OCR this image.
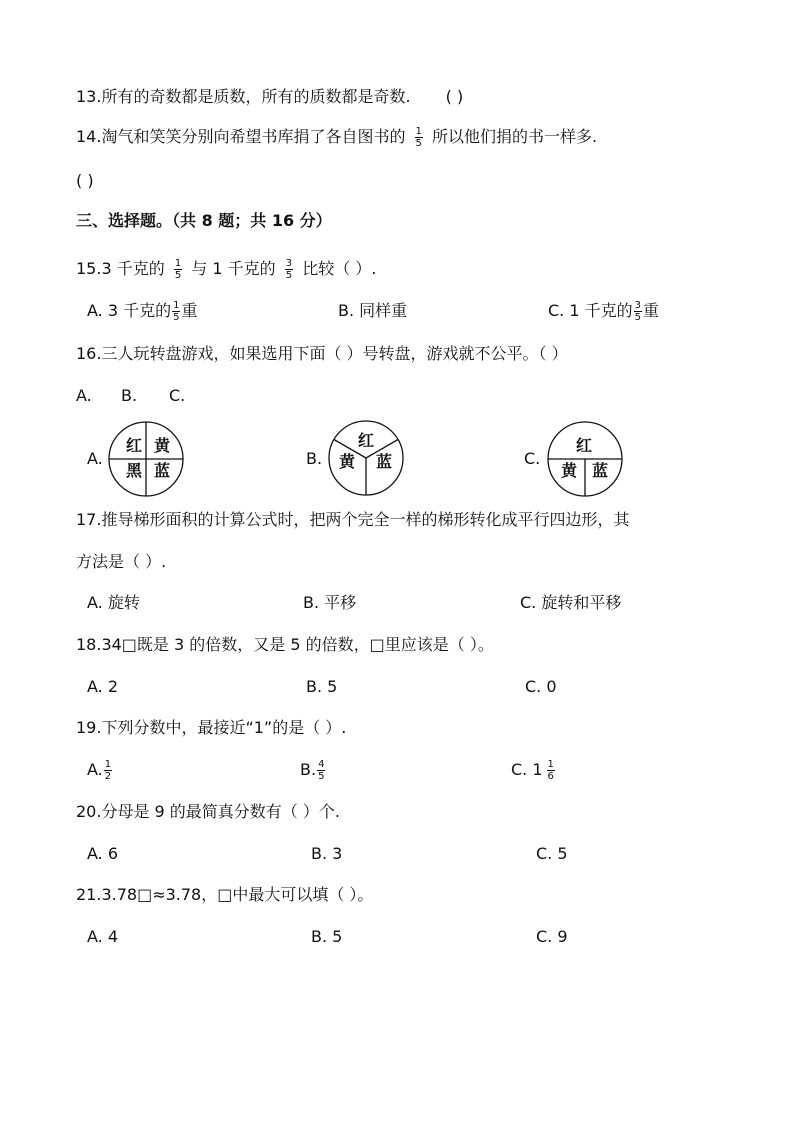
13.所有的奇数都是质数，所有的质数都是奇数. ( )
14.淘气和笑笑分别向希望书库捐了各自图书的 $\frac{1}{5}$ 所以他们捐的书一样多.
( )
三、选择题。（共 8 题；共 16 分）
15.3 千克的 $\frac{1}{5}$ 与 1 千克的 $\frac{3}{5}$ 比较（ ）.
A. 3 千克的 $\frac{1}{5}$ 重	B. 同样重	C. 1 千克的 $\frac{3}{5}$ 重
16.三人玩转盘游戏，如果选用下面（ ）号转盘，游戏就不公平。（ ）
A. B. C.
A.
红 黄
黑 蓝
B.
红
黄 蓝	C.
红
黄 蓝
17.推导梯形面积的计算公式时，把两个完全一样的梯形转化成平行四边形，其
方法是（ ）.
A. 旋转	B. 平移	C. 旋转和平移
18.34□既是 3 的倍数，又是 5 的倍数，□里应该是（ ）。
A. 2	B. 5	C. 0
19.下列分数中，最接近“1”的是（ ）.
A. $\frac{1}{2}$	B. $\frac{4}{5}$	C. $1 \frac{1}{6}$
20.分母是 9 的最简真分数有（ ）个.
A. 6	B. 3	C. 5
21.3.78□≈3.78，□中最大可以填（ ）。
A. 4	B. 5	C. 9
